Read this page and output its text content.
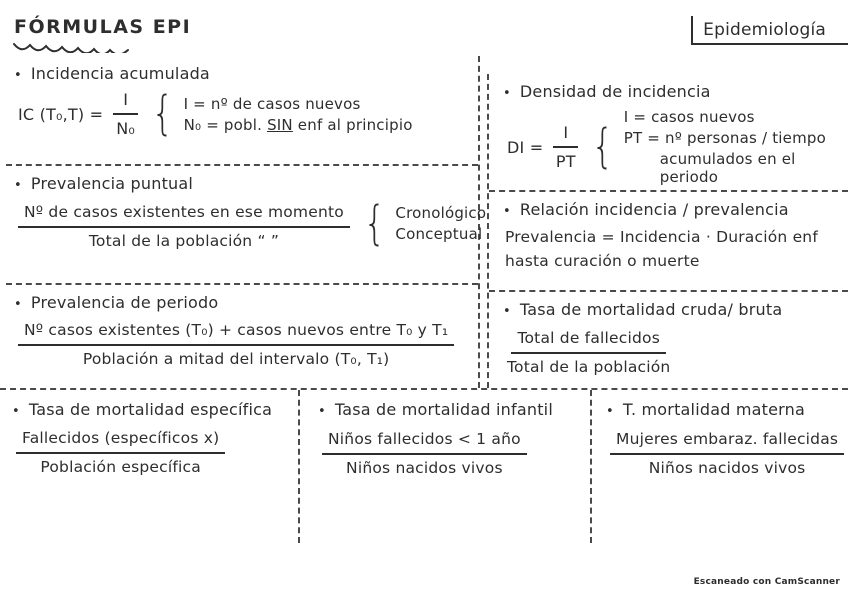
FÓRMULAS EPI	Epidemiología
• Incidencia acumulada
IC $(T_0,T) = \frac{I}{\text{N₀}}$ { I = nº de casos nuevos
N₀ = pobl. SIN enf al principio
• Prevalencia puntual
$\frac{\text{Nº de casos existentes en ese momento}}{\text{Total de la población “ ”}}$ { Cronológico
Conceptual
• Prevalencia de periodo
$\frac{\text{Nº casos existentes (T₀) + casos nuevos entre T₀ y T₁}}{\text{Población a mitad del intervalo (T₀, T₁)}}$
• Densidad de incidencia
DI = $\frac{I}{PT}$ {
I = casos nuevos
PT = nº personas / tiempo
acumulados en el periodo
• Relación incidencia / prevalencia
Prevalencia = Incidencia · Duración enf
hasta curación o muerte
• Tasa de mortalidad cruda/ bruta
$\frac{\text{Total de fallecidos}}{\text{Total de la población}}$
• Tasa de mortalidad específica
$\frac{\text{Fallecidos (específicos x)}}{\text{Población específica}}$
• Tasa de mortalidad infantil
$\frac{\text{Niños fallecidos < 1 año}}{\text{Niños nacidos vivos}}$
• T. mortalidad materna
$\frac{\text{Mujeres embaraz. fallecidas}}{\text{Niños nacidos vivos}}$
Escaneado con CamScanner
